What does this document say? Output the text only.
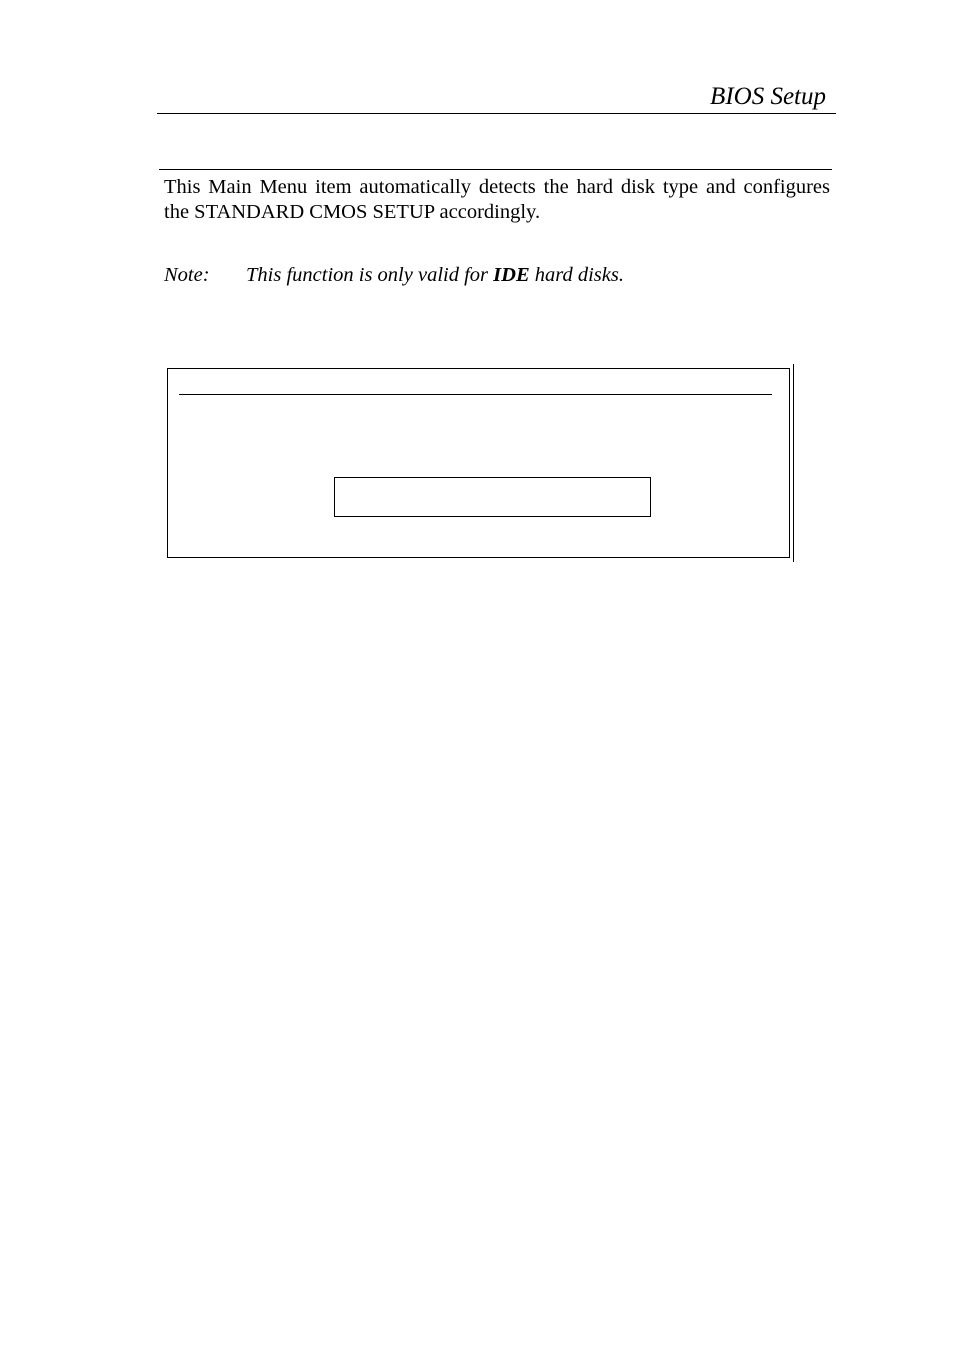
BIOS Setup

This Main Menu item automatically detects the hard disk type and configures the STANDARD CMOS SETUP accordingly.

Note: This function is only valid for IDE hard disks.
